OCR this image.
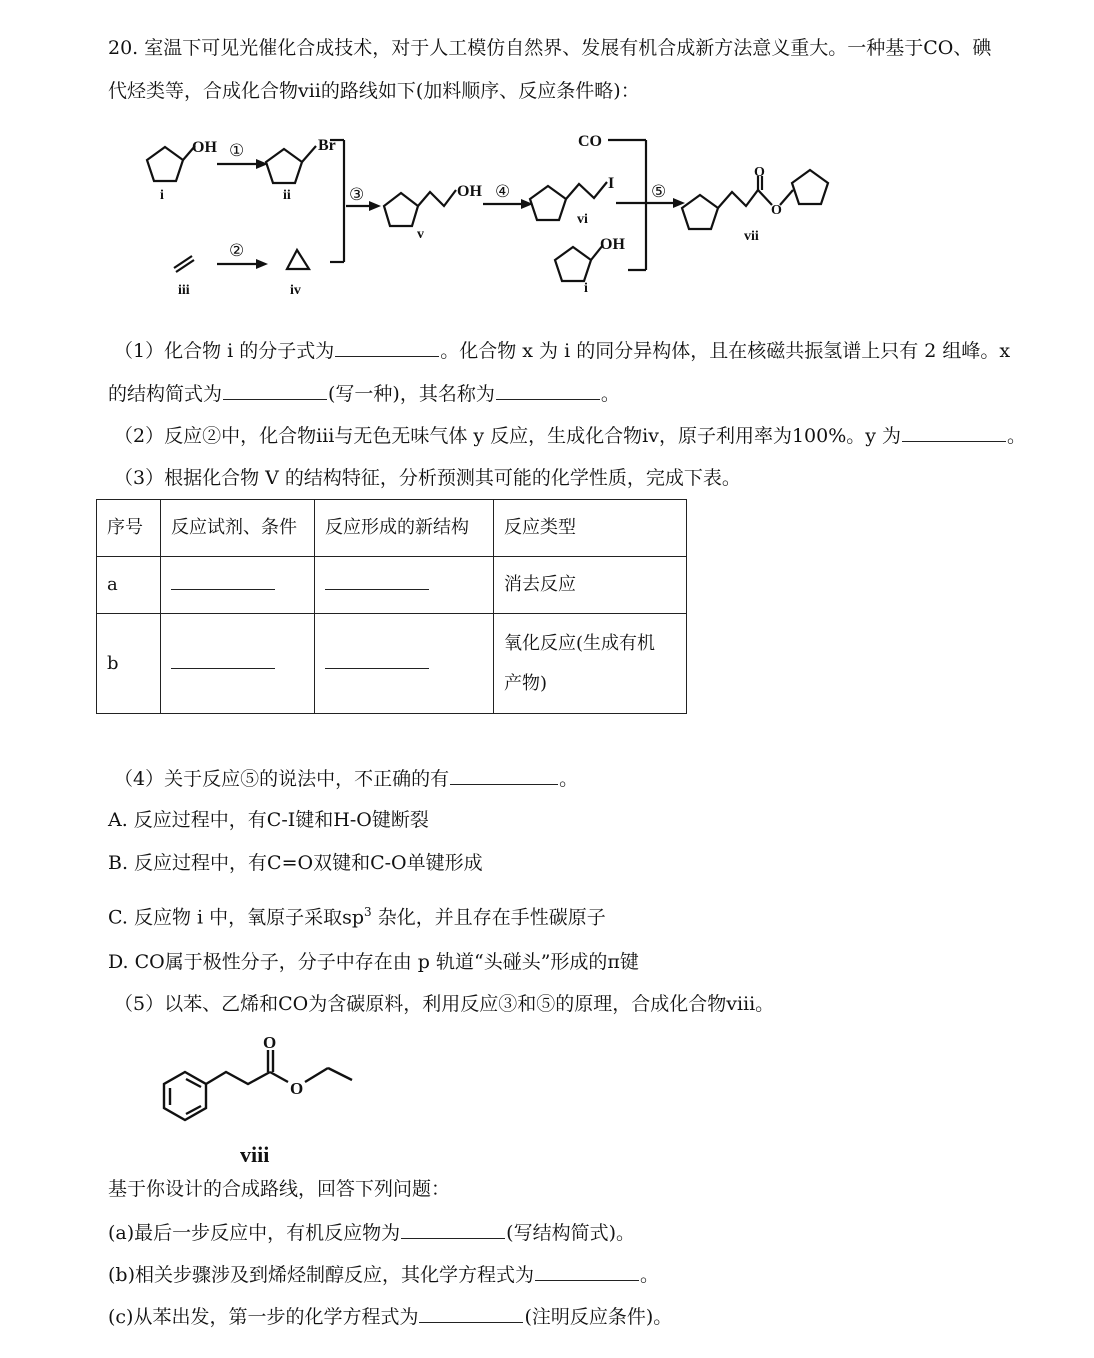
20. 室温下可见光催化合成技术，对于人工模仿自然界、发展有机合成新方法意义重大。一种基于CO、碘
代烃类等，合成化合物ⅶ的路线如下(加料顺序、反应条件略)：
OH	Br
OH	I
CO
OH
O
O
i	ii
iii	iv
v
vi
vii
i
①
②
③	④	⑤
（1）化合物 i 的分子式为	。化合物 x 为 i 的同分异构体，且在核磁共振氢谱上只有 2 组峰。x
的结构简式为	(写一种)，其名称为	。
（2）反应②中，化合物ⅲ与无色无味气体 y 反应，生成化合物ⅳ，原子利用率为100%。y 为	。
（3）根据化合物 V 的结构特征，分析预测其可能的化学性质，完成下表。
序号	反应试剂、条件	反应形成的新结构	反应类型
a			消去反应
b			氧化反应(生成有机
产物)
（4）关于反应⑤的说法中，不正确的有	。
A. 反应过程中，有C-I键和H-O键断裂
B. 反应过程中，有C=O双键和C-O单键形成
C. 反应物 i 中，氧原子采取$sp^3$ 杂化，并且存在手性碳原子
D. CO属于极性分子，分子中存在由 p 轨道“头碰头”形成的π键
（5）以苯、乙烯和CO为含碳原料，利用反应③和⑤的原理，合成化合物ⅷ。
O
O
viii
基于你设计的合成路线，回答下列问题：
(a)最后一步反应中，有机反应物为	(写结构简式)。
(b)相关步骤涉及到烯烃制醇反应，其化学方程式为	。
(c)从苯出发，第一步的化学方程式为	(注明反应条件)。
